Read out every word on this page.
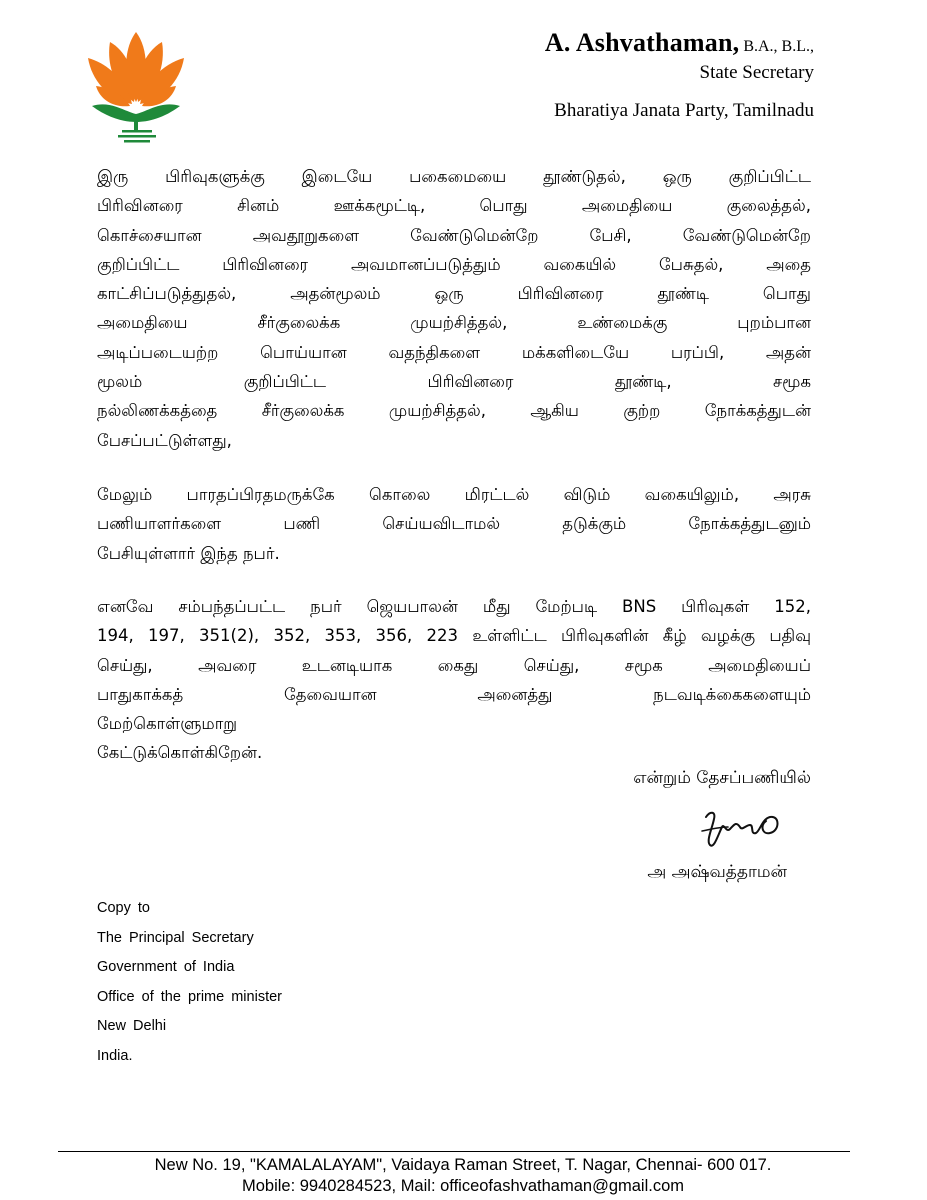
A. Ashvathaman, B.A., B.L.,
State Secretary
Bharatiya Janata Party, Tamilnadu
இரு பிரிவுகளுக்கு இடையே பகைமையை தூண்டுதல், ஒரு குறிப்பிட்ட
பிரிவினரை சினம் ஊக்கமூட்டி, பொது அமைதியை குலைத்தல்,
கொச்சையான அவதூறுகளை வேண்டுமென்றே பேசி, வேண்டுமென்றே
குறிப்பிட்ட பிரிவினரை அவமானப்படுத்தும் வகையில் பேசுதல், அதை
காட்சிப்படுத்துதல், அதன்மூலம் ஒரு பிரிவினரை தூண்டி பொது
அமைதியை சீர்குலைக்க முயற்சித்தல், உண்மைக்கு புறம்பான
அடிப்படையற்ற பொய்யான வதந்திகளை மக்களிடையே பரப்பி, அதன்
மூலம் குறிப்பிட்ட பிரிவினரை தூண்டி, சமூக
நல்லிணக்கத்தை சீர்குலைக்க முயற்சித்தல், ஆகிய குற்ற நோக்கத்துடன்
பேசப்பட்டுள்ளது,
மேலும் பாரதப்பிரதமருக்கே கொலை மிரட்டல் விடும் வகையிலும், அரசு
பணியாளர்களை பணி செய்யவிடாமல் தடுக்கும் நோக்கத்துடனும்
பேசியுள்ளார் இந்த நபர்.
எனவே சம்பந்தப்பட்ட நபர் ஜெயபாலன் மீது மேற்படி BNS பிரிவுகள் 152,
194, 197, 351(2), 352, 353, 356, 223 உள்ளிட்ட பிரிவுகளின் கீழ் வழக்கு பதிவு
செய்து, அவரை உடனடியாக கைது செய்து, சமூக அமைதியைப்
பாதுகாக்கத் தேவையான அனைத்து நடவடிக்கைகளையும்
மேற்கொள்ளுமாறு
கேட்டுக்கொள்கிறேன்.
என்றும் தேசப்பணியில்
அ அஷ்வத்தாமன்
Copy to
The Principal Secretary
Government of India
Office of the prime minister
New Delhi
India.
New No. 19, "KAMALALAYAM", Vaidaya Raman Street, T. Nagar, Chennai- 600 017.
Mobile: 9940284523, Mail: officeofashvathaman@gmail.com
